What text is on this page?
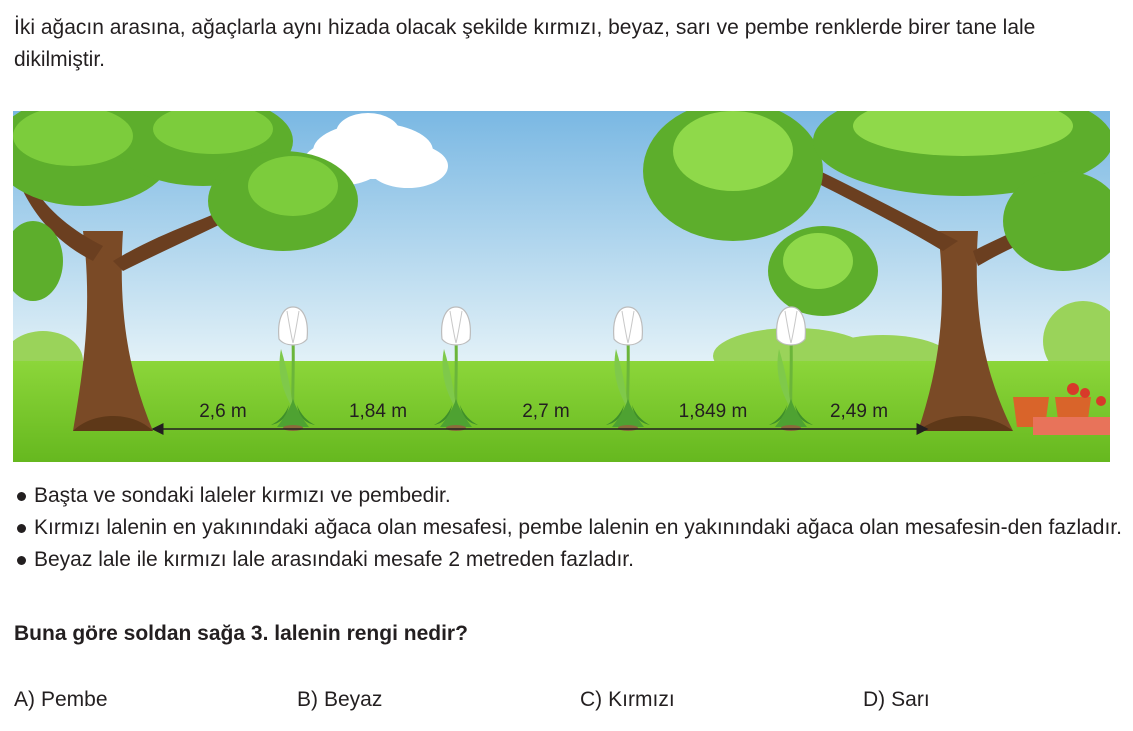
İki ağacın arasına, ağaçlarla aynı hizada olacak şekilde kırmızı, beyaz, sarı ve pembe renklerde birer tane lale dikilmiştir.

2,6 m	1,84 m	2,7 m	1,849 m	2,49 m
Başta ve sondaki laleler kırmızı ve pembedir.
Kırmızı lalenin en yakınındaki ağaca olan mesafesi, pembe lalenin en yakınındaki ağaca olan mesafesin-den fazladır.
Beyaz lale ile kırmızı lale arasındaki mesafe 2 metreden fazladır.

Buna göre soldan sağa 3. lalenin rengi nedir?

A) Pembe	B) Beyaz	C) Kırmızı	D) Sarı
